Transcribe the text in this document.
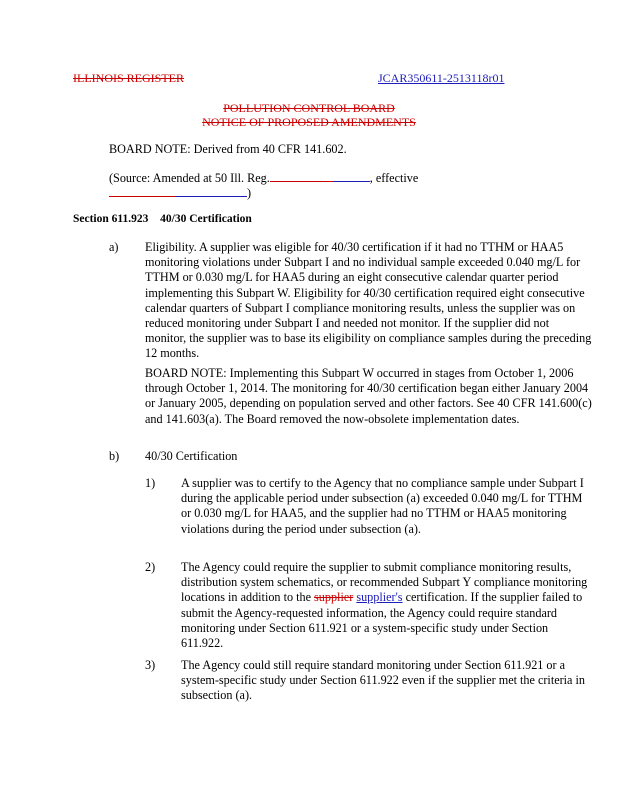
ILLINOIS REGISTER	JCAR350611-2513118r01
POLLUTION CONTROL BOARD
NOTICE OF PROPOSED AMENDMENTS
BOARD NOTE: Derived from 40 CFR 141.602.
(Source: Amended at 50 Ill. Reg.	, effective
)
Section 611.923 40/30 Certification
a) Eligibility. A supplier was eligible for 40/30 certification if it had no TTHM or HAA5 monitoring violations under Subpart I and no individual sample exceeded 0.040 mg/L for TTHM or 0.030 mg/L for HAA5 during an eight consecutive calendar quarter period implementing this Subpart W. Eligibility for 40/30 certification required eight consecutive calendar quarters of Subpart I compliance monitoring results, unless the supplier was on reduced monitoring under Subpart I and needed not monitor. If the supplier did not monitor, the supplier was to base its eligibility on compliance samples during the preceding 12 months.

BOARD NOTE: Implementing this Subpart W occurred in stages from October 1, 2006 through October 1, 2014. The monitoring for 40/30 certification began either January 2004 or January 2005, depending on population served and other factors. See 40 CFR 141.600(c) and 141.603(a). The Board removed the now-obsolete implementation dates.

b) 40/30 Certification
1) A supplier was to certify to the Agency that no compliance sample under Subpart I during the applicable period under subsection (a) exceeded 0.040 mg/L for TTHM or 0.030 mg/L for HAA5, and the supplier had no TTHM or HAA5 monitoring violations during the period under subsection (a).

2) The Agency could require the supplier to submit compliance monitoring results, distribution system schematics, or recommended Subpart Y compliance monitoring locations in addition to the supplier supplier's certification. If the supplier failed to submit the Agency-requested information, the Agency could require standard monitoring under Section 611.921 or a system-specific study under Section 611.922.

3) The Agency could still require standard monitoring under Section 611.921 or a system-specific study under Section 611.922 even if the supplier met the criteria in subsection (a).
